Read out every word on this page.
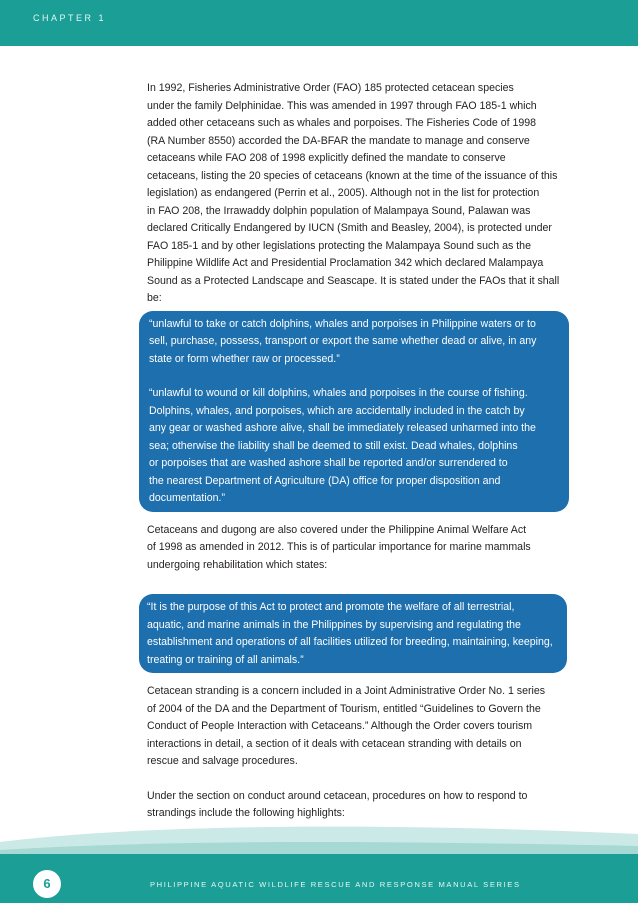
CHAPTER 1
In 1992, Fisheries Administrative Order (FAO) 185 protected cetacean species
under the family Delphinidae. This was amended in 1997 through FAO 185-1 which
added other cetaceans such as whales and porpoises. The Fisheries Code of 1998
(RA Number 8550) accorded the DA-BFAR the mandate to manage and conserve
cetaceans while FAO 208 of 1998 explicitly defined the mandate to conserve
cetaceans, listing the 20 species of cetaceans (known at the time of the issuance of this
legislation) as endangered (Perrin et al., 2005). Although not in the list for protection
in FAO 208, the Irrawaddy dolphin population of Malampaya Sound, Palawan was
declared Critically Endangered by IUCN (Smith and Beasley, 2004), is protected under
FAO 185-1 and by other legislations protecting the Malampaya Sound such as the
Philippine Wildlife Act and Presidential Proclamation 342 which declared Malampaya
Sound as a Protected Landscape and Seascape. It is stated under the FAOs that it shall
be:
“unlawful to take or catch dolphins, whales and porpoises in Philippine waters or to
sell, purchase, possess, transport or export the same whether dead or alive, in any
state or form whether raw or processed.”
“unlawful to wound or kill dolphins, whales and porpoises in the course of fishing.
Dolphins, whales, and porpoises, which are accidentally included in the catch by
any gear or washed ashore alive, shall be immediately released unharmed into the
sea; otherwise the liability shall be deemed to still exist. Dead whales, dolphins
or porpoises that are washed ashore shall be reported and/or surrendered to
the nearest Department of Agriculture (DA) office for proper disposition and
documentation.”
Cetaceans and dugong are also covered under the Philippine Animal Welfare Act
of 1998 as amended in 2012. This is of particular importance for marine mammals
undergoing rehabilitation which states:
“It is the purpose of this Act to protect and promote the welfare of all terrestrial,
aquatic, and marine animals in the Philippines by supervising and regulating the
establishment and operations of all facilities utilized for breeding, maintaining, keeping,
treating or training of all animals.”
Cetacean stranding is a concern included in a Joint Administrative Order No. 1 series
of 2004 of the DA and the Department of Tourism, entitled “Guidelines to Govern the
Conduct of People Interaction with Cetaceans.” Although the Order covers tourism
interactions in detail, a section of it deals with cetacean stranding with details on
rescue and salvage procedures.
Under the section on conduct around cetacean, procedures on how to respond to
strandings include the following highlights:
6	PHILIPPINE AQUATIC WILDLIFE RESCUE AND RESPONSE MANUAL SERIES
